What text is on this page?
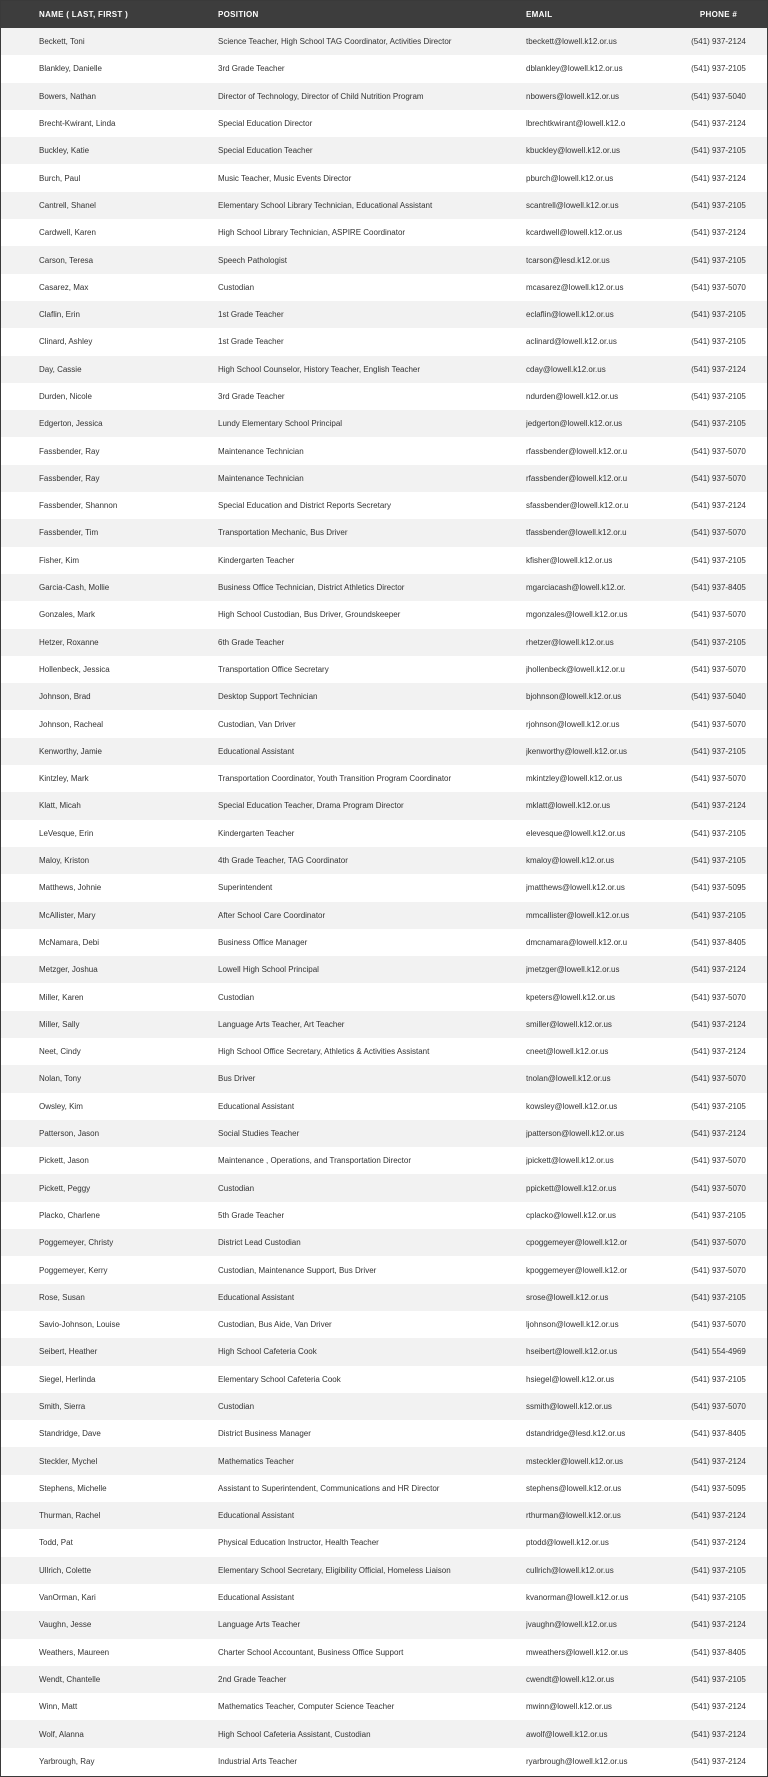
NAME ( LAST, FIRST )	POSITION	EMAIL	PHONE #
Beckett, Toni	Science Teacher, High School TAG Coordinator, Activities Director	tbeckett@lowell.k12.or.us	(541) 937-2124
Blankley, Danielle	3rd Grade Teacher	dblankley@lowell.k12.or.us	(541) 937-2105
Bowers, Nathan	Director of Technology, Director of Child Nutrition Program	nbowers@lowell.k12.or.us	(541) 937-5040
Brecht-Kwirant, Linda	Special Education Director	lbrechtkwirant@lowell.k12.o	(541) 937-2124
Buckley, Katie	Special Education Teacher	kbuckley@lowell.k12.or.us	(541) 937-2105
Burch, Paul	Music Teacher, Music Events Director	pburch@lowell.k12.or.us	(541) 937-2124
Cantrell, Shanel	Elementary School Library Technician, Educational Assistant	scantrell@lowell.k12.or.us	(541) 937-2105
Cardwell, Karen	High School Library Technician, ASPIRE Coordinator	kcardwell@lowell.k12.or.us	(541) 937-2124
Carson, Teresa	Speech Pathologist	tcarson@lesd.k12.or.us	(541) 937-2105
Casarez, Max	Custodian	mcasarez@lowell.k12.or.us	(541) 937-5070
Claflin, Erin	1st Grade Teacher	eclaflin@lowell.k12.or.us	(541) 937-2105
Clinard, Ashley	1st Grade Teacher	aclinard@lowell.k12.or.us	(541) 937-2105
Day, Cassie	High School Counselor, History Teacher, English Teacher	cday@lowell.k12.or.us	(541) 937-2124
Durden, Nicole	3rd Grade Teacher	ndurden@lowell.k12.or.us	(541) 937-2105
Edgerton, Jessica	Lundy Elementary School Principal	jedgerton@lowell.k12.or.us	(541) 937-2105
Fassbender, Ray	Maintenance Technician	rfassbender@lowell.k12.or.u	(541) 937-5070
Fassbender, Ray	Maintenance Technician	rfassbender@lowell.k12.or.u	(541) 937-5070
Fassbender, Shannon	Special Education and District Reports Secretary	sfassbender@lowell.k12.or.u	(541) 937-2124
Fassbender, Tim	Transportation Mechanic, Bus Driver	tfassbender@lowell.k12.or.u	(541) 937-5070
Fisher, Kim	Kindergarten Teacher	kfisher@lowell.k12.or.us	(541) 937-2105
Garcia-Cash, Mollie	Business Office Technician, District Athletics Director	mgarciacash@lowell.k12.or.	(541) 937-8405
Gonzales, Mark	High School Custodian, Bus Driver, Groundskeeper	mgonzales@lowell.k12.or.us	(541) 937-5070
Hetzer, Roxanne	6th Grade Teacher	rhetzer@lowell.k12.or.us	(541) 937-2105
Hollenbeck, Jessica	Transportation Office Secretary	jhollenbeck@lowell.k12.or.u	(541) 937-5070
Johnson, Brad	Desktop Support Technician	bjohnson@lowell.k12.or.us	(541) 937-5040
Johnson, Racheal	Custodian, Van Driver	rjohnson@lowell.k12.or.us	(541) 937-5070
Kenworthy, Jamie	Educational Assistant	jkenworthy@lowell.k12.or.us	(541) 937-2105
Kintzley, Mark	Transportation Coordinator, Youth Transition Program Coordinator	mkintzley@lowell.k12.or.us	(541) 937-5070
Klatt, Micah	Special Education Teacher, Drama Program Director	mklatt@lowell.k12.or.us	(541) 937-2124
LeVesque, Erin	Kindergarten Teacher	elevesque@lowell.k12.or.us	(541) 937-2105
Maloy, Kriston	4th Grade Teacher, TAG Coordinator	kmaloy@lowell.k12.or.us	(541) 937-2105
Matthews, Johnie	Superintendent	jmatthews@lowell.k12.or.us	(541) 937-5095
McAllister, Mary	After School Care Coordinator	mmcallister@lowell.k12.or.us	(541) 937-2105
McNamara, Debi	Business Office Manager	dmcnamara@lowell.k12.or.u	(541) 937-8405
Metzger, Joshua	Lowell High School Principal	jmetzger@lowell.k12.or.us	(541) 937-2124
Miller, Karen	Custodian	kpeters@lowell.k12.or.us	(541) 937-5070
Miller, Sally	Language Arts Teacher, Art Teacher	smiller@lowell.k12.or.us	(541) 937-2124
Neet, Cindy	High School Office Secretary, Athletics & Activities Assistant	cneet@lowell.k12.or.us	(541) 937-2124
Nolan, Tony	Bus Driver	tnolan@lowell.k12.or.us	(541) 937-5070
Owsley, Kim	Educational Assistant	kowsley@lowell.k12.or.us	(541) 937-2105
Patterson, Jason	Social Studies Teacher	jpatterson@lowell.k12.or.us	(541) 937-2124
Pickett, Jason	Maintenance , Operations, and Transportation Director	jpickett@lowell.k12.or.us	(541) 937-5070
Pickett, Peggy	Custodian	ppickett@lowell.k12.or.us	(541) 937-5070
Placko, Charlene	5th Grade Teacher	cplacko@lowell.k12.or.us	(541) 937-2105
Poggemeyer, Christy	District Lead Custodian	cpoggemeyer@lowell.k12.or	(541) 937-5070
Poggemeyer, Kerry	Custodian, Maintenance Support, Bus Driver	kpoggemeyer@lowell.k12.or	(541) 937-5070
Rose, Susan	Educational Assistant	srose@lowell.k12.or.us	(541) 937-2105
Savio-Johnson, Louise	Custodian, Bus Aide, Van Driver	ljohnson@lowell.k12.or.us	(541) 937-5070
Seibert, Heather	High School Cafeteria Cook	hseibert@lowell.k12.or.us	(541) 554-4969
Siegel, Herlinda	Elementary School Cafeteria Cook	hsiegel@lowell.k12.or.us	(541) 937-2105
Smith, Sierra	Custodian	ssmith@lowell.k12.or.us	(541) 937-5070
Standridge, Dave	District Business Manager	dstandridge@lesd.k12.or.us	(541) 937-8405
Steckler, Mychel	Mathematics Teacher	msteckler@lowell.k12.or.us	(541) 937-2124
Stephens, Michelle	Assistant to Superintendent, Communications and HR Director	stephens@lowell.k12.or.us	(541) 937-5095
Thurman, Rachel	Educational Assistant	rthurman@lowell.k12.or.us	(541) 937-2124
Todd, Pat	Physical Education Instructor, Health Teacher	ptodd@lowell.k12.or.us	(541) 937-2124
Ullrich, Colette	Elementary School Secretary, Eligibility Official, Homeless Liaison	cullrich@lowell.k12.or.us	(541) 937-2105
VanOrman, Kari	Educational Assistant	kvanorman@lowell.k12.or.us	(541) 937-2105
Vaughn, Jesse	Language Arts Teacher	jvaughn@lowell.k12.or.us	(541) 937-2124
Weathers, Maureen	Charter School Accountant, Business Office Support	mweathers@lowell.k12.or.us	(541) 937-8405
Wendt, Chantelle	2nd Grade Teacher	cwendt@lowell.k12.or.us	(541) 937-2105
Winn, Matt	Mathematics Teacher, Computer Science Teacher	mwinn@lowell.k12.or.us	(541) 937-2124
Wolf, Alanna	High School Cafeteria Assistant, Custodian	awolf@lowell.k12.or.us	(541) 937-2124
Yarbrough, Ray	Industrial Arts Teacher	ryarbrough@lowell.k12.or.us	(541) 937-2124
